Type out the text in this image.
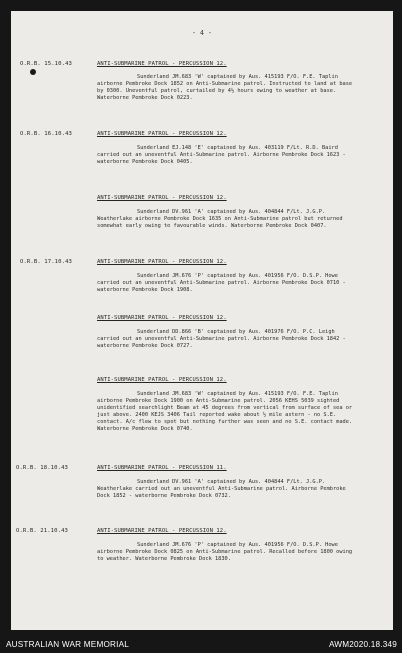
- 4 -
O.R.B. 15.10.43	ANTI-SUBMARINE PATROL - PERCUSSION 12.

Sunderland JM.683 'W' captained by Aus. 415193 F/O. F.E. Taplin airborne Pembroke Dock 1852 on Anti-Submarine patrol. Instructed to land at base by 0300. Uneventful patrol, curtailed by 4½ hours owing to weather at base. Waterborne Pembroke Dock 0223.

O.R.B. 16.10.43	ANTI-SUBMARINE PATROL - PERCUSSION 12.

Sunderland EJ.148 'E' captained by Aus. 403119 F/Lt. R.D. Baird carried out an uneventful Anti-Submarine patrol. Airborne Pembroke Dock 1623 - waterborne Pembroke Dock 0405.

ANTI-SUBMARINE PATROL - PERCUSSION 12.

Sunderland DV.961 'A' captained by Aus. 404844 F/Lt. J.G.P. Weatherlake airborne Pembroke Dock 1635 on Anti-Submarine patrol but returned somewhat early owing to favourable winds. Waterborne Pembroke Dock 0407.

O.R.B. 17.10.43	ANTI-SUBMARINE PATROL - PERCUSSION 12.

Sunderland JM.676 'P' captained by Aus. 401956 F/O. D.S.P. Howe carried out an uneventful Anti-Submarine patrol. Airborne Pembroke Dock 0710 - waterborne Pembroke Dock 1908.

ANTI-SUBMARINE PATROL - PERCUSSION 12.

Sunderland DD.866 'B' captained by Aus. 401976 F/O. P.C. Leigh carried out an uneventful Anti-Submarine patrol. Airborne Pembroke Dock 1842 - waterborne Pembroke Dock 0727.

ANTI-SUBMARINE PATROL - PERCUSSION 12.

Sunderland JM.683 'W' captained by Aus. 415193 F/O. F.E. Taplin airborne Pembroke Dock 1900 on Anti-Submarine patrol. 2056 KEHS 5039 sighted unidentified searchlight Beam at 45 degrees from vertical from surface of sea or just above. 2400 KEJS 3406 Tail reported wake about ½ mile astern - no S.E. contact. A/c flew to spot but nothing further was seen and no S.E. contact made. Waterborne Pembroke Dock 0740.

O.R.B. 18.10.43	ANTI-SUBMARINE PATROL - PERCUSSION 11.

Sunderland DV.961 'A' captained by Aus. 404844 F/Lt. J.G.P. Weatherlake carried out an uneventful Anti-Submarine patrol. Airborne Pembroke Dock 1852 - waterborne Pembroke Dock 0732.

O.R.B. 21.10.43	ANTI-SUBMARINE PATROL - PERCUSSION 12.

Sunderland JM.676 'P' captained by Aus. 401956 F/O. D.S.P. Howe airborne Pembroke Dock 0825 on Anti-Submarine patrol. Recalled before 1800 owing to weather. Waterborne Pembroke Dock 1830.

AUSTRALIAN WAR MEMORIAL	AWM2020.18.349
